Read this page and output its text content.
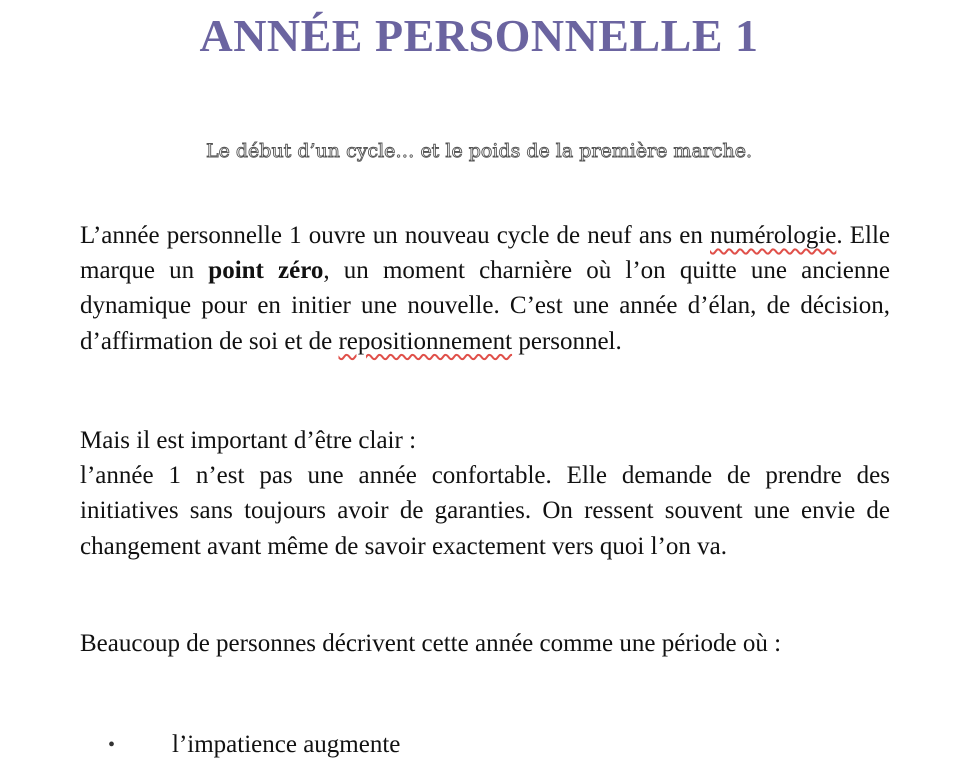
ANNÉE PERSONNELLE 1

Le début d’un cycle… et le poids de la première marche.

L’année personnelle 1 ouvre un nouveau cycle de neuf ans en numérologie. Elle marque un point zéro, un moment charnière où l’on quitte une ancienne dynamique pour en initier une nouvelle. C’est une année d’élan, de décision, d’affirmation de soi et de repositionnement personnel.

Mais il est important d’être clair :
l’année 1 n’est pas une année confortable. Elle demande de prendre des initiatives sans toujours avoir de garanties. On ressent souvent une envie de changement avant même de savoir exactement vers quoi l’on va.

Beaucoup de personnes décrivent cette année comme une période où :

• l’impatience augmente
